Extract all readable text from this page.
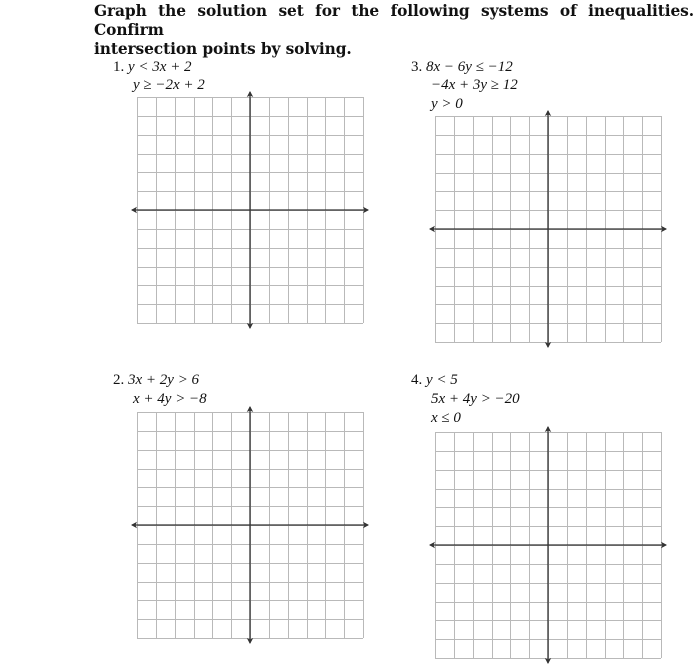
Graph the solution set for the following systems of inequalities. Confirm
intersection points by solving.
1. y < 3x + 2
y ≥ −2x + 2
2. 3x + 2y > 6
x + 4y > −8
3. 8x − 6y ≤ −12
−4x + 3y ≥ 12
y > 0
4. y < 5
5x + 4y > −20
x ≤ 0
